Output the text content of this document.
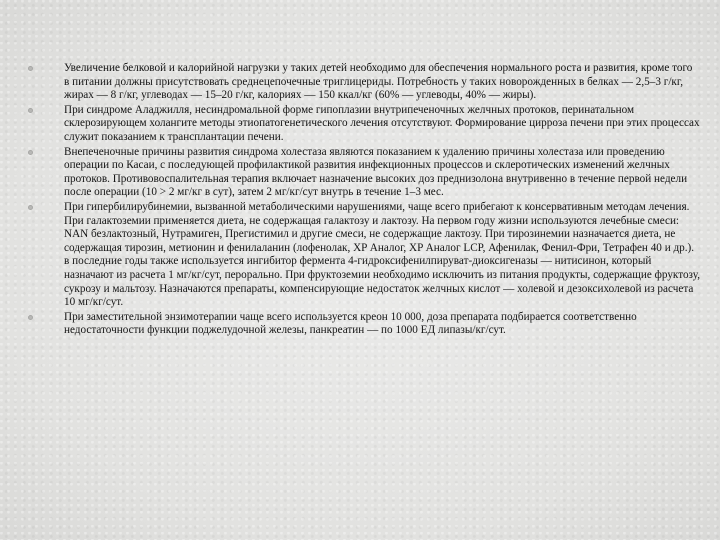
Увеличение белковой и калорийной нагрузки у таких детей необходимо для обеспечения нормального роста и развития, кроме того в питании должны присутствовать среднецепочечные триглицериды. Потребность у таких новорожденных в белках — 2,5–3 г/кг, жирах — 8 г/кг, углеводах — 15–20 г/кг, калориях — 150 ккал/кг (60% — углеводы, 40% — жиры).
При синдроме Аладжилля, несиндромальной форме гипоплазии внутрипеченочных желчных протоков, перинатальном склерозирующем холангите методы этиопатогенетического лечения отсутствуют. Формирование цирроза печени при этих процессах служит показанием к трансплантации печени.
Внепеченочные причины развития синдрома холестаза являются показанием к удалению причины холестаза или проведению операции по Касаи, с последующей профилактикой развития инфекционных процессов и склеротических изменений желчных протоков. Противовоспалительная терапия включает назначение высоких доз преднизолона внутривенно в течение первой недели после операции (10 > 2 мг/кг в сут), затем 2 мг/кг/сут внутрь в течение 1–3 мес.
При гипербилирубинемии, вызванной метаболическими нарушениями, чаще всего прибегают к консервативным методам лечения. При галактоземии применяется диета, не содержащая галактозу и лактозу. На первом году жизни используются лечебные смеси: NAN безлактозный, Нутрамиген, Прегистимил и другие смеси, не содержащие лактозу. При тирозинемии назначается диета, не содержащая тирозин, метионин и фенилаланин (лофенолак, XP Аналог, XP Аналог LCP, Афенилак, Фенил-Фри, Тетрафен 40 и др.). в последние годы также используется ингибитор фермента 4-гидроксифенилпируват-диоксигеназы — нитисинон, который назначают из расчета 1 мг/кг/сут, перорально. При фруктоземии необходимо исключить из питания продукты, содержащие фруктозу, сукрозу и мальтозу. Назначаются препараты, компенсирующие недостаток желчных кислот — холевой и дезоксихолевой из расчета 10 мг/кг/сут.
При заместительной энзимотерапии чаще всего используется креон 10 000, доза препарата подбирается соответственно недостаточности функции поджелудочной железы, панкреатин — по 1000 ЕД липазы/кг/сут.
